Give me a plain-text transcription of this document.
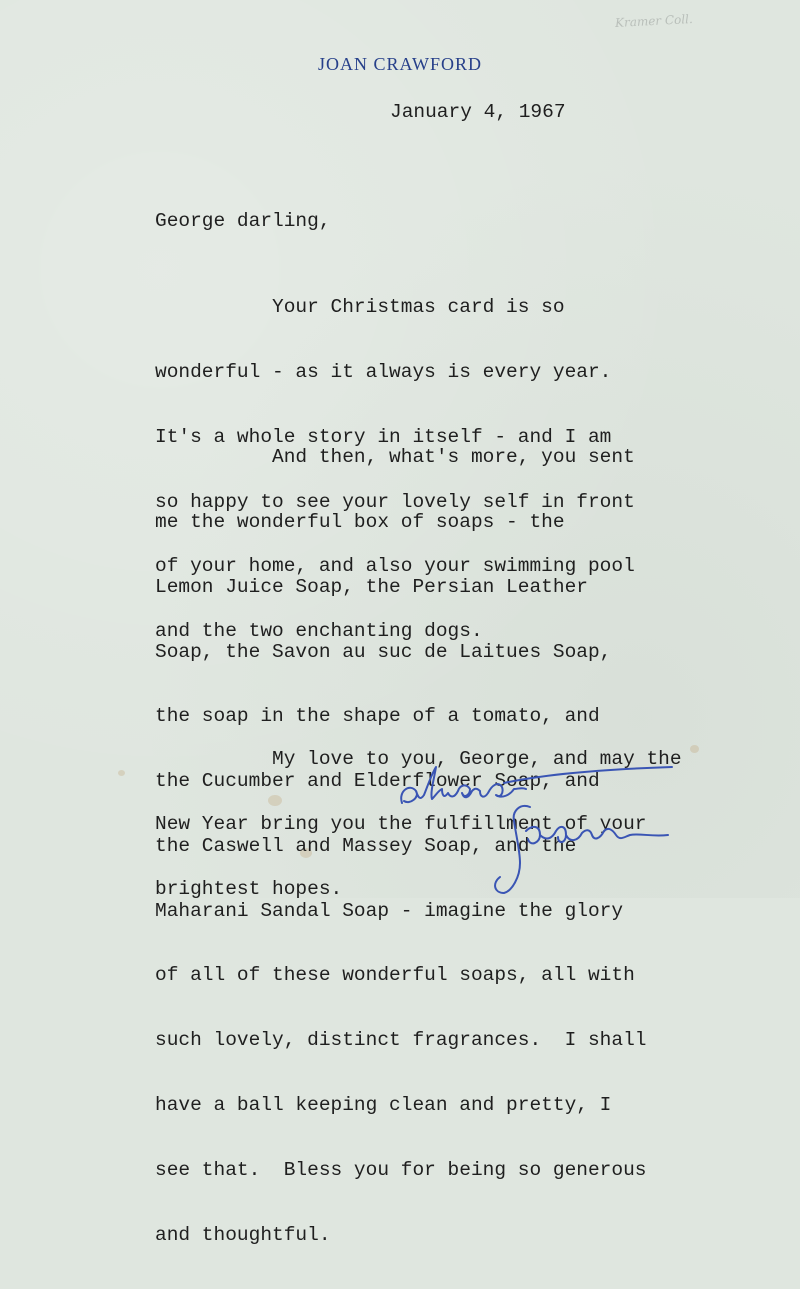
Kramer Coll.
JOAN CRAWFORD
January 4, 1967
George darling,

Your Christmas card is so

wonderful - as it always is every year.

It's a whole story in itself - and I am

so happy to see your lovely self in front

of your home, and also your swimming pool

and the two enchanting dogs.

And then, what's more, you sent

me the wonderful box of soaps - the

Lemon Juice Soap, the Persian Leather

Soap, the Savon au suc de Laitues Soap,

the soap in the shape of a tomato, and

the Cucumber and Elderflower Soap, and

the Caswell and Massey Soap, and the

Maharani Sandal Soap - imagine the glory

of all of these wonderful soaps, all with

such lovely, distinct fragrances.  I shall

have a ball keeping clean and pretty, I

see that.  Bless you for being so generous

and thoughtful.

My love to you, George, and may the

New Year bring you the fulfillment of your

brightest hopes.
